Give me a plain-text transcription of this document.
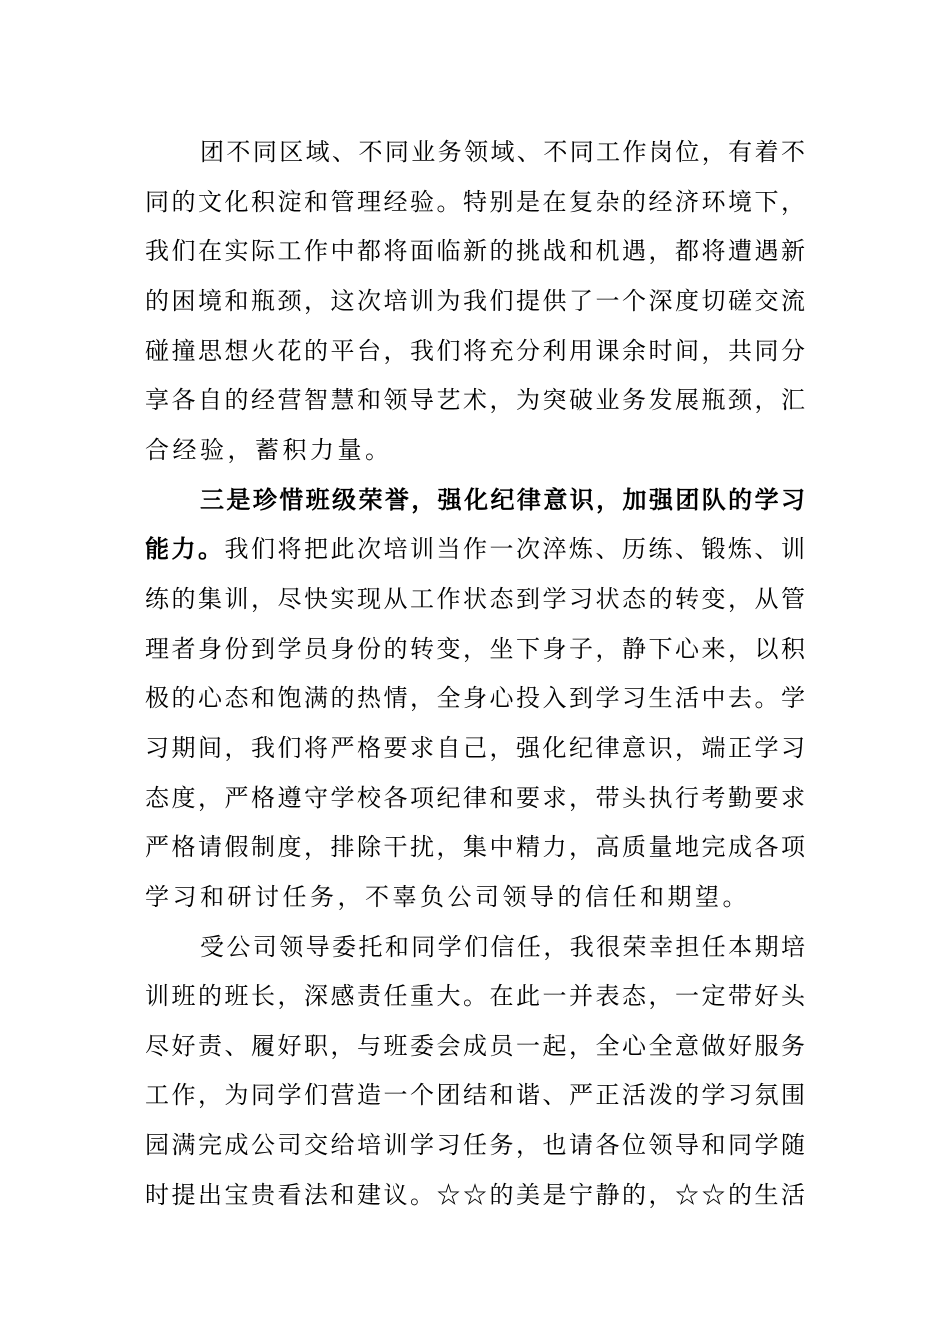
团不同区域、不同业务领域、不同工作岗位，有着不
同的文化积淀和管理经验。特别是在复杂的经济环境下，
我们在实际工作中都将面临新的挑战和机遇，都将遭遇新
的困境和瓶颈，这次培训为我们提供了一个深度切磋交流
碰撞思想火花的平台，我们将充分利用课余时间，共同分
享各自的经营智慧和领导艺术，为突破业务发展瓶颈，汇
合经验，蓄积力量。
三是珍惜班级荣誉，强化纪律意识，加强团队的学习
能力。我们将把此次培训当作一次淬炼、历练、锻炼、训
练的集训，尽快实现从工作状态到学习状态的转变，从管
理者身份到学员身份的转变，坐下身子，静下心来，以积
极的心态和饱满的热情，全身心投入到学习生活中去。学
习期间，我们将严格要求自己，强化纪律意识，端正学习
态度，严格遵守学校各项纪律和要求，带头执行考勤要求
严格请假制度，排除干扰，集中精力，高质量地完成各项
学习和研讨任务，不辜负公司领导的信任和期望。
受公司领导委托和同学们信任，我很荣幸担任本期培
训班的班长，深感责任重大。在此一并表态，一定带好头
尽好责、履好职，与班委会成员一起，全心全意做好服务
工作，为同学们营造一个团结和谐、严正活泼的学习氛围
园满完成公司交给培训学习任务，也请各位领导和同学随
时提出宝贵看法和建议。☆☆的美是宁静的，☆☆的生活
